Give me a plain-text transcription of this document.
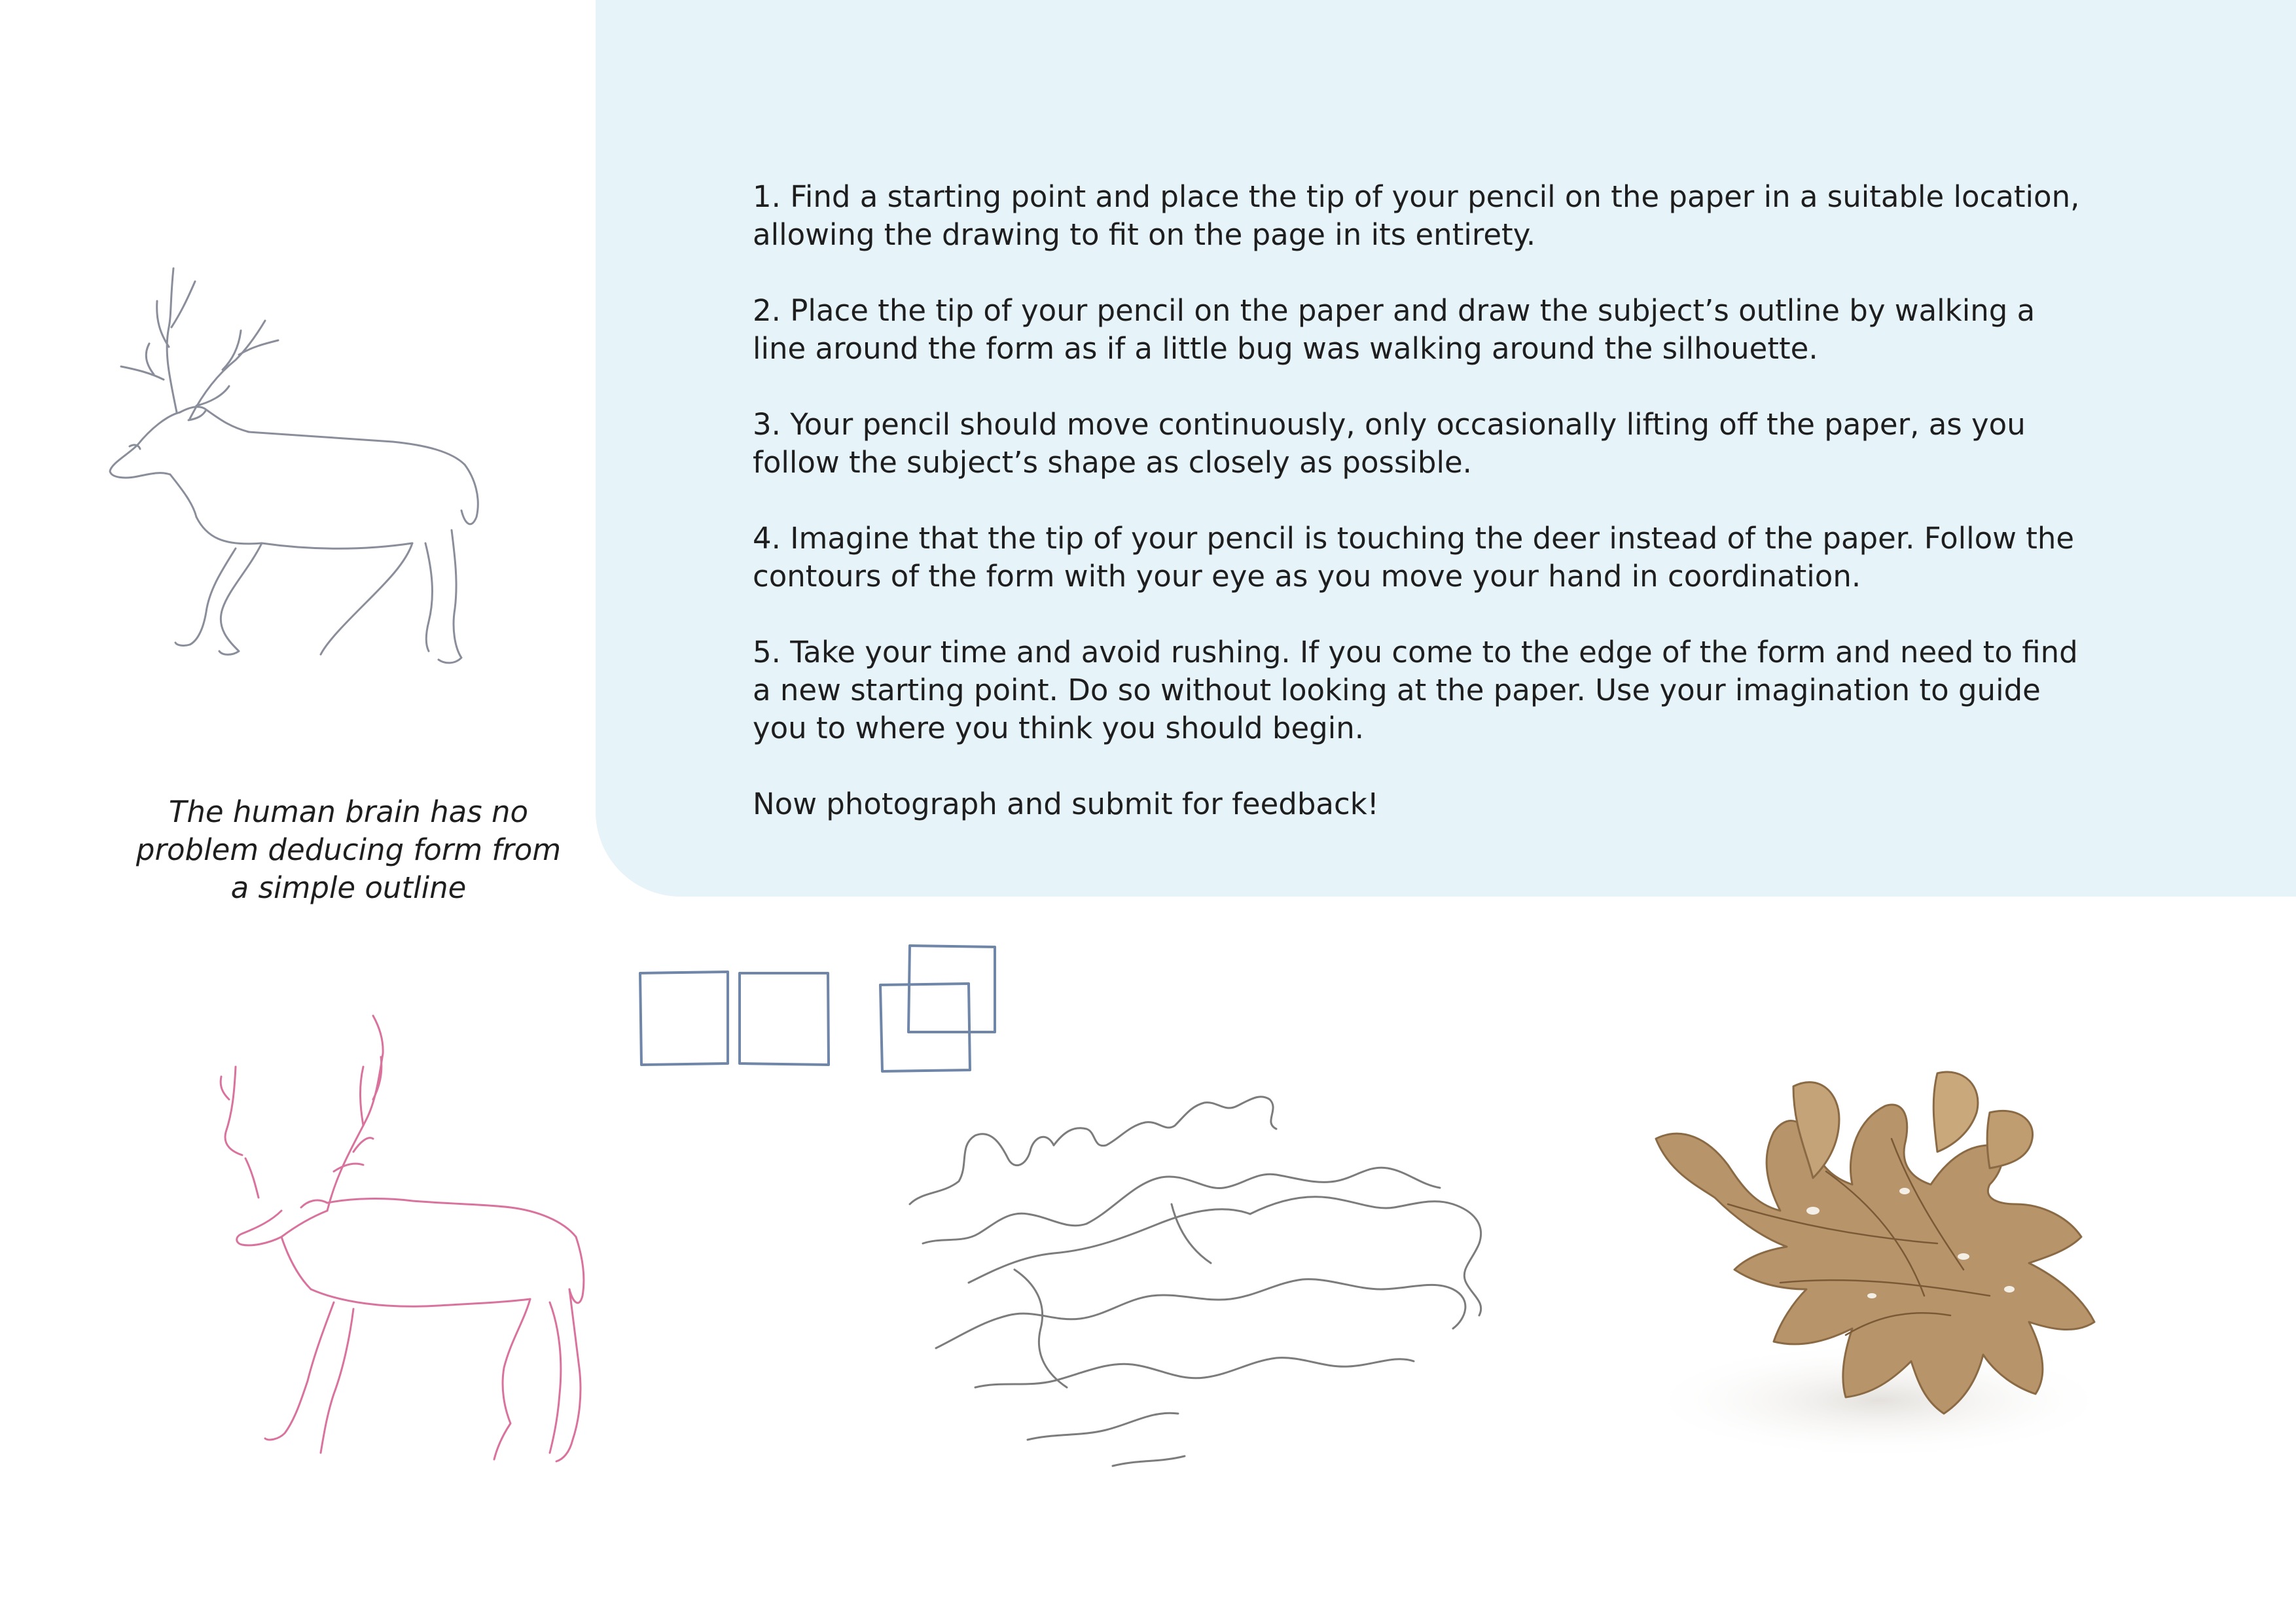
1. Find a starting point and place the tip of your pencil on the paper in a suitable location, allowing the drawing to fit on the page in its entirety.

2. Place the tip of your pencil on the paper and draw the subject’s outline by walking a line around the form as if a little bug was walking around the silhouette.

3. Your pencil should move continuously, only occasionally lifting off the paper, as you follow the subject’s shape as closely as possible.

4. Imagine that the tip of your pencil is touching the deer instead of the paper. Follow the contours of the form with your eye as you move your hand in coordination.

5. Take your time and avoid rushing. If you come to the edge of the form and need to find a new starting point. Do so without looking at the paper. Use your imagination to guide you to where you think you should begin.

Now photograph and submit for feedback!

The human brain has no
problem deducing form from
a simple outline
